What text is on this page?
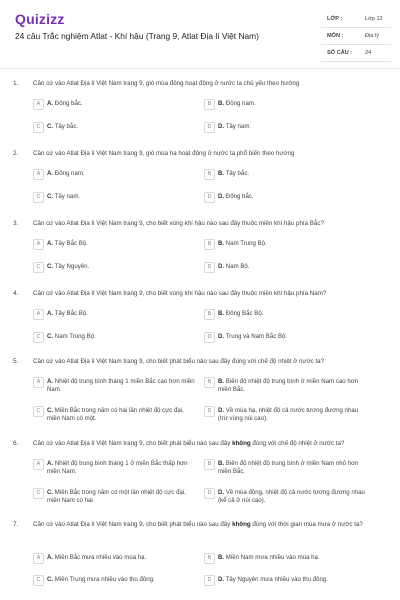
Quizizz
24 câu Trắc nghiệm Atlat - Khí hậu (Trang 9, Atlat Địa lí Việt Nam)
LỚP :	Lớp 12
MÔN :	Địa lý
SỐ CÂU : 24
1. Căn cứ vào Atlat Địa lí Việt Nam trang 9, gió mùa đông hoạt động ở nước ta chủ yếu theo hướng
A	A. Đông bắc.	B	B. Đông nam.
C	C. Tây bắc.	D	D. Tây nam.
2. Căn cứ vào Atlat Địa lí Việt Nam trang 9, gió mùa hạ hoạt động ở nước ta phổ biến theo hướng
A	A. Đông nam.	B	B. Tây bắc.
C	C. Tây nam.	D	D. Đông bắc.
3. Căn cứ vào Atlat Địa lí Việt Nam trang 9, cho biết vùng khí hậu nào sau đây thuộc miền khí hậu phía Bắc?
A	A. Tây Bắc Bộ.	B	B. Nam Trung Bộ.
C	C. Tây Nguyên.	D	D. Nam Bộ.
4. Căn cứ vào Atlat Địa lí Việt Nam trang 9, cho biết vùng khí hậu nào sau đây thuộc miền khí hậu phía Nam?
A	A. Tây Bắc Bộ.	B	B. Đông Bắc Bộ.
C	C. Nam Trung Bộ.	D	D. Trung và Nam Bắc Bộ.
5. Căn cứ vào Atlat Địa lí Việt Nam trang 9, cho biết phát biểu nào sau đây đúng với chế độ nhiệt ở nước ta?
A	A. Nhiệt độ trung bình tháng 1 miền Bắc cao hơn miền Nam.
B	B. Biên độ nhiệt độ trung bình ở miền Nam cao hơn miền Bắc.
C	C. Miền Bắc trong năm có hai lần nhiệt độ cực đại, miền Nam có một.
D	D. Về mùa hạ, nhiệt độ cả nước tương đương nhau (trừ vùng núi cao).
6. Căn cứ vào Atlat Địa lí Việt Nam trang 9, cho biết phát biểu nào sau đây không đúng với chế độ nhiệt ở nước ta?
A	A. Nhiệt độ trung bình tháng 1 ở miền Bắc thấp hơn miền Nam.
B	B. Biên độ nhiệt độ trung bình ở miền Nam nhỏ hơn miền Bắc.
C	C. Miền Bắc trong năm có một lần nhiệt độ cực đại, miền Nam có hai.
D	D. Về mùa đông, nhiệt độ cả nước tương đương nhau (kể cả ở núi cao).
7. Căn cứ vào Atlat Địa lí Việt Nam trang 9, cho biết phát biểu nào sau đây không đúng với thời gian mùa mưa ở nước ta?
A	A. Miền Bắc mưa nhiều vào mùa hạ.	B	B. Miền Nam mưa nhiều vào mùa hạ.
C	C. Miền Trung mưa nhiều vào thu đông.	D	D. Tây Nguyên mưa nhiều vào thu đông.
